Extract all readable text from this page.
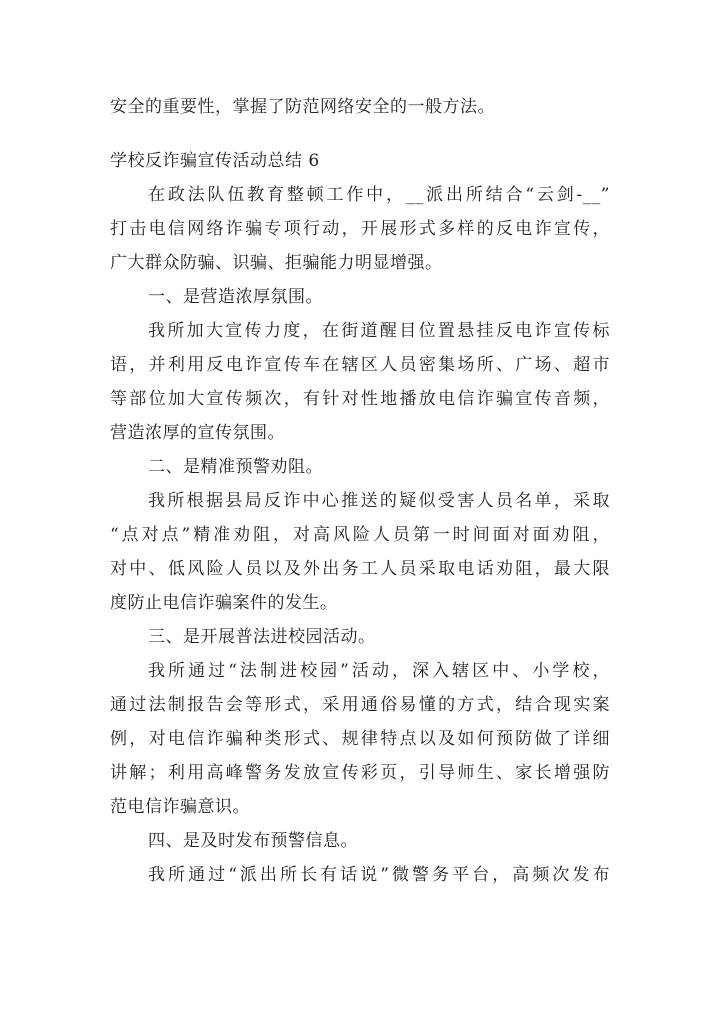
安全的重要性，掌握了防范网络安全的一般方法。
学校反诈骗宣传活动总结 6
在政法队伍教育整顿工作中，__派出所结合“云剑-__”
打击电信网络诈骗专项行动，开展形式多样的反电诈宣传，
广大群众防骗、识骗、拒骗能力明显增强。
一、是营造浓厚氛围。
我所加大宣传力度，在街道醒目位置悬挂反电诈宣传标
语，并利用反电诈宣传车在辖区人员密集场所、广场、超市
等部位加大宣传频次，有针对性地播放电信诈骗宣传音频，
营造浓厚的宣传氛围。
二、是精准预警劝阻。
我所根据县局反诈中心推送的疑似受害人员名单，采取
“点对点”精准劝阻，对高风险人员第一时间面对面劝阻，
对中、低风险人员以及外出务工人员采取电话劝阻，最大限
度防止电信诈骗案件的发生。
三、是开展普法进校园活动。
我所通过“法制进校园”活动，深入辖区中、小学校，
通过法制报告会等形式，采用通俗易懂的方式，结合现实案
例，对电信诈骗种类形式、规律特点以及如何预防做了详细
讲解；利用高峰警务发放宣传彩页，引导师生、家长增强防
范电信诈骗意识。
四、是及时发布预警信息。
我所通过“派出所长有话说”微警务平台，高频次发布
